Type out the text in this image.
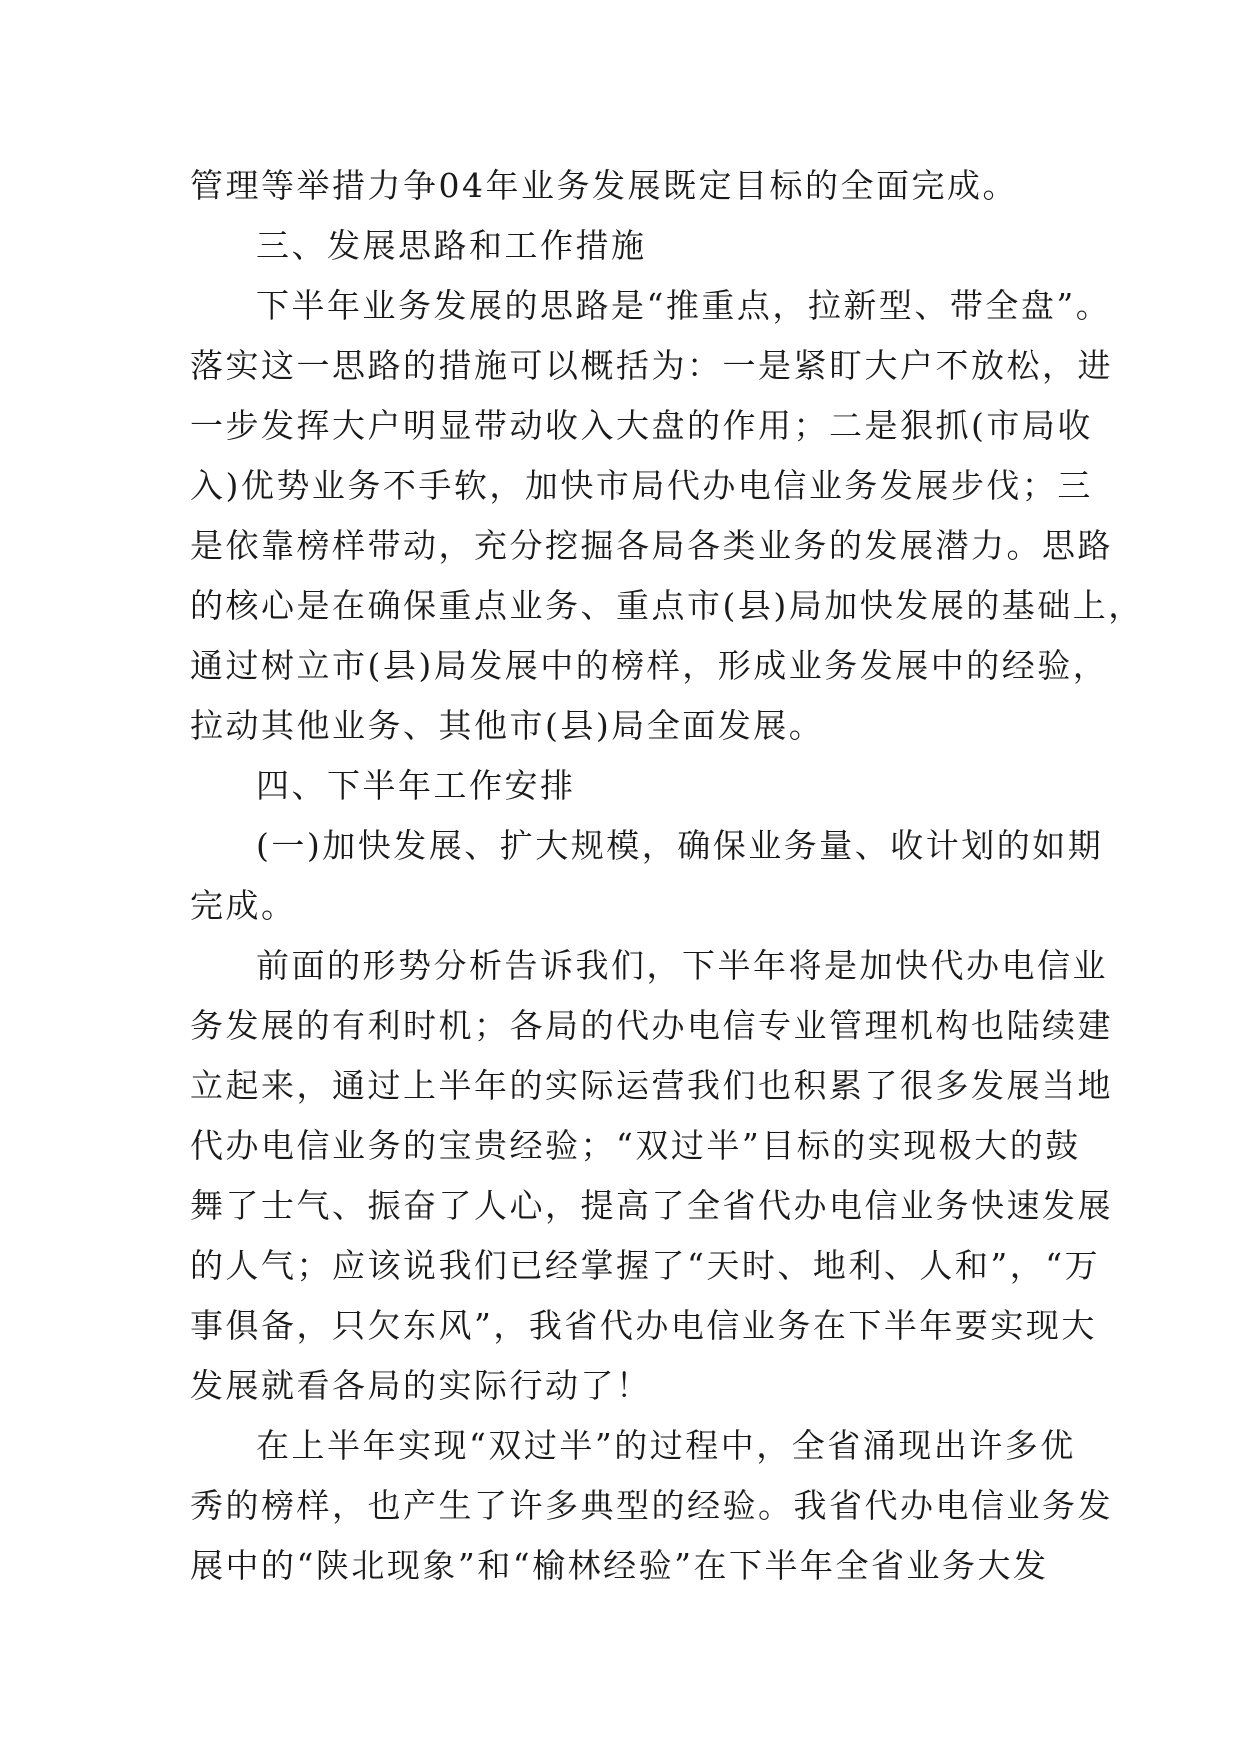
管理等举措力争04年业务发展既定目标的全面完成。
三、发展思路和工作措施
下半年业务发展的思路是“推重点，拉新型、带全盘”。
落实这一思路的措施可以概括为：一是紧盯大户不放松，进
一步发挥大户明显带动收入大盘的作用；二是狠抓(市局收
入)优势业务不手软，加快市局代办电信业务发展步伐；三
是依靠榜样带动，充分挖掘各局各类业务的发展潜力。思路
的核心是在确保重点业务、重点市(县)局加快发展的基础上，
通过树立市(县)局发展中的榜样，形成业务发展中的经验，
拉动其他业务、其他市(县)局全面发展。
四、下半年工作安排
(一)加快发展、扩大规模，确保业务量、收计划的如期
完成。
前面的形势分析告诉我们，下半年将是加快代办电信业
务发展的有利时机；各局的代办电信专业管理机构也陆续建
立起来，通过上半年的实际运营我们也积累了很多发展当地
代办电信业务的宝贵经验；“双过半”目标的实现极大的鼓
舞了士气、振奋了人心，提高了全省代办电信业务快速发展
的人气；应该说我们已经掌握了“天时、地利、人和”，“万
事俱备，只欠东风”，我省代办电信业务在下半年要实现大
发展就看各局的实际行动了！
在上半年实现“双过半”的过程中，全省涌现出许多优
秀的榜样，也产生了许多典型的经验。我省代办电信业务发
展中的“陕北现象”和“榆林经验”在下半年全省业务大发
